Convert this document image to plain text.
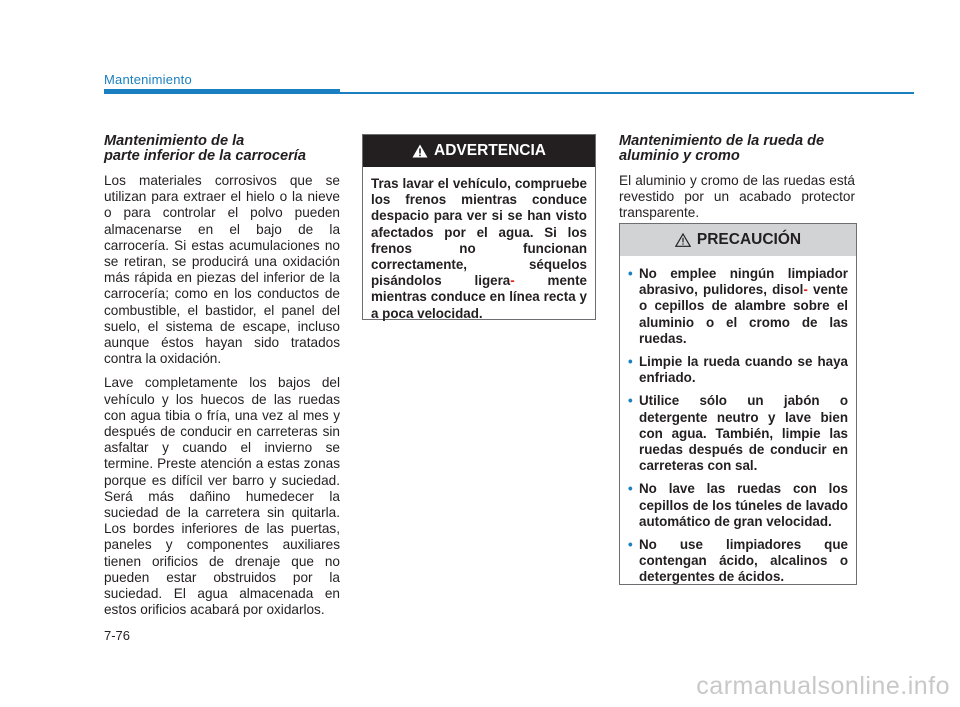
Mantenimiento
Mantenimiento de la
parte inferior de la carrocería

Los materiales corrosivos que se utilizan para extraer el hielo o la nieve o para controlar el polvo pueden almacenarse en el bajo de la carrocería. Si estas acumulaciones no se retiran, se producirá una oxidación más rápida en piezas del inferior de la carrocería; como en los conductos de combustible, el bastidor, el panel del suelo, el sistema de escape, incluso aunque éstos hayan sido tratados contra la oxidación.

Lave completamente los bajos del vehículo y los huecos de las ruedas con agua tibia o fría, una vez al mes y después de conducir en carreteras sin asfaltar y cuando el invierno se termine. Preste atención a estas zonas porque es difícil ver barro y suciedad. Será más dañino humedecer la suciedad de la carretera sin quitarla. Los bordes inferiores de las puertas, paneles y componentes auxiliares tienen orificios de drenaje que no pueden estar obstruidos por la suciedad. El agua almacenada en estos orificios acabará por oxidarlos.

ADVERTENCIA
Tras lavar el vehículo, compruebe los frenos mientras conduce despacio para ver si se han visto afectados por el agua. Si los frenos no funcionan correctamente, séquelos pisándolos ligera- mente mientras conduce en línea recta y a poca velocidad.
Mantenimiento de la rueda de
aluminio y cromo

El aluminio y cromo de las ruedas está revestido por un acabado protector transparente.

PRECAUCIÓN
• No emplee ningún limpiador abrasivo, pulidores, disol- vente o cepillos de alambre sobre el aluminio o el cromo de las ruedas.
• Limpie la rueda cuando se haya enfriado.
• Utilice sólo un jabón o detergente neutro y lave bien con agua. También, limpie las ruedas después de conducir en carreteras con sal.
• No lave las ruedas con los cepillos de los túneles de lavado automático de gran velocidad.
• No use limpiadores que contengan ácido, alcalinos o detergentes de ácidos.
7-76
carmanualsonline.info
